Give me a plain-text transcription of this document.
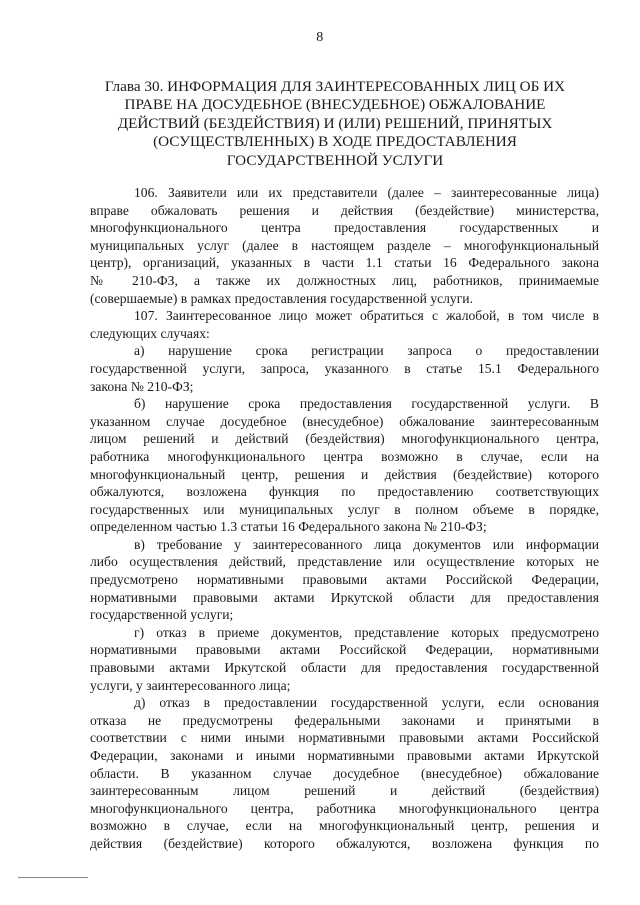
8
Глава 30. ИНФОРМАЦИЯ ДЛЯ ЗАИНТЕРЕСОВАННЫХ ЛИЦ ОБ ИХ
ПРАВЕ НА ДОСУДЕБНОЕ (ВНЕСУДЕБНОЕ) ОБЖАЛОВАНИЕ
ДЕЙСТВИЙ (БЕЗДЕЙСТВИЯ) И (ИЛИ) РЕШЕНИЙ, ПРИНЯТЫХ
(ОСУЩЕСТВЛЕННЫХ) В ХОДЕ ПРЕДОСТАВЛЕНИЯ
ГОСУДАРСТВЕННОЙ УСЛУГИ
106. Заявители или их представители (далее – заинтересованные лица)
вправе обжаловать решения и действия (бездействие) министерства,
многофункционального центра предоставления государственных и
муниципальных услуг (далее в настоящем разделе – многофункциональный
центр), организаций, указанных в части 1.1 статьи 16 Федерального закона
№ 210-ФЗ, а также их должностных лиц, работников, принимаемые
(совершаемые) в рамках предоставления государственной услуги.
107. Заинтересованное лицо может обратиться с жалобой, в том числе в
следующих случаях:
а) нарушение срока регистрации запроса о предоставлении
государственной услуги, запроса, указанного в статье 15.1 Федерального
закона № 210-ФЗ;
б) нарушение срока предоставления государственной услуги. В
указанном случае досудебное (внесудебное) обжалование заинтересованным
лицом решений и действий (бездействия) многофункционального центра,
работника многофункционального центра возможно в случае, если на
многофункциональный центр, решения и действия (бездействие) которого
обжалуются, возложена функция по предоставлению соответствующих
государственных или муниципальных услуг в полном объеме в порядке,
определенном частью 1.3 статьи 16 Федерального закона № 210-ФЗ;
в) требование у заинтересованного лица документов или информации
либо осуществления действий, представление или осуществление которых не
предусмотрено нормативными правовыми актами Российской Федерации,
нормативными правовыми актами Иркутской области для предоставления
государственной услуги;
г) отказ в приеме документов, представление которых предусмотрено
нормативными правовыми актами Российской Федерации, нормативными
правовыми актами Иркутской области для предоставления государственной
услуги, у заинтересованного лица;
д) отказ в предоставлении государственной услуги, если основания
отказа не предусмотрены федеральными законами и принятыми в
соответствии с ними иными нормативными правовыми актами Российской
Федерации, законами и иными нормативными правовыми актами Иркутской
области. В указанном случае досудебное (внесудебное) обжалование
заинтересованным лицом решений и действий (бездействия)
многофункционального центра, работника многофункционального центра
возможно в случае, если на многофункциональный центр, решения и
действия (бездействие) которого обжалуются, возложена функция по
